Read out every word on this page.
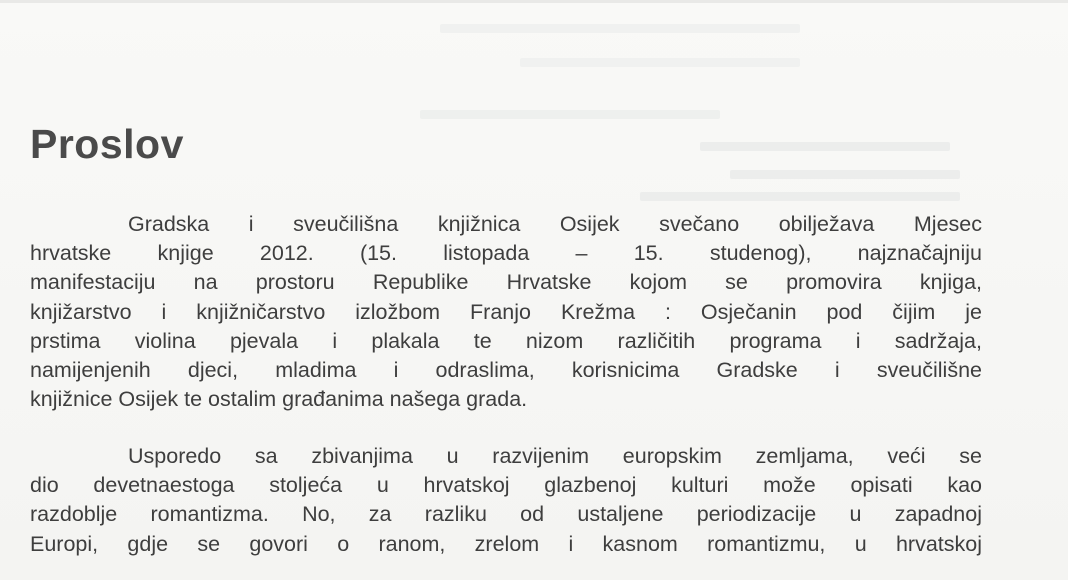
Proslov
Gradska i sveučilišna knjižnica Osijek svečano obilježava Mjesec
hrvatske knjige 2012. (15. listopada – 15. studenog), najznačajniju
manifestaciju na prostoru Republike Hrvatske kojom se promovira knjiga,
knjižarstvo i knjižničarstvo izložbom Franjo Krežma : Osječanin pod čijim je
prstima violina pjevala i plakala te nizom različitih programa i sadržaja,
namijenjenih djeci, mladima i odraslima, korisnicima Gradske i sveučilišne
knjižnice Osijek te ostalim građanima našega grada.
Usporedo sa zbivanjima u razvijenim europskim zemljama, veći se
dio devetnaestoga stoljeća u hrvatskoj glazbenoj kulturi može opisati kao
razdoblje romantizma. No, za razliku od ustaljene periodizacije u zapadnoj
Europi, gdje se govori o ranom, zrelom i kasnom romantizmu, u hrvatskoj
